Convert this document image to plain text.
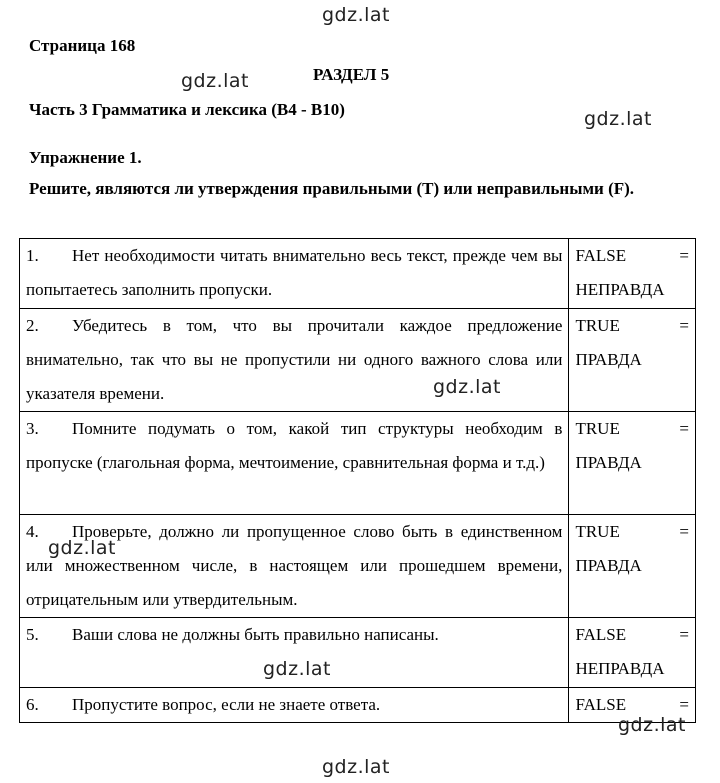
Страница 168
РАЗДЕЛ 5
Часть 3 Грамматика и лексика (B4 - B10)
Упражнение 1.
Решите, являются ли утверждения правильными (T) или неправильными (F).
1. Нет необходимости читать внимательно весь текст, прежде чем вы попытаетесь заполнить пропуски.	FALSE =
НЕПРАВДА

2. Убедитесь в том, что вы прочитали каждое предложение внимательно, так что вы не пропустили ни одного важного слова или указателя времени.	TRUE =
ПРАВДА

3. Помните подумать о том, какой тип структуры необходим в пропуске (глагольная форма, мечтоимение, сравнительная форма и т.д.)	TRUE =
ПРАВДА

4. Проверьте, должно ли пропущенное слово быть в единственном или множественном числе, в настоящем или прошедшем времени, отрицательным или утвердительным.	TRUE =
ПРАВДА

5. Ваши слова не должны быть правильно написаны.	FALSE =
НЕПРАВДА

6. Пропустите вопрос, если не знаете ответа.	FALSE =
gdz.lat
gdz.lat
gdz.lat
gdz.lat
gdz.lat
gdz.lat
gdz.lat
gdz.lat
